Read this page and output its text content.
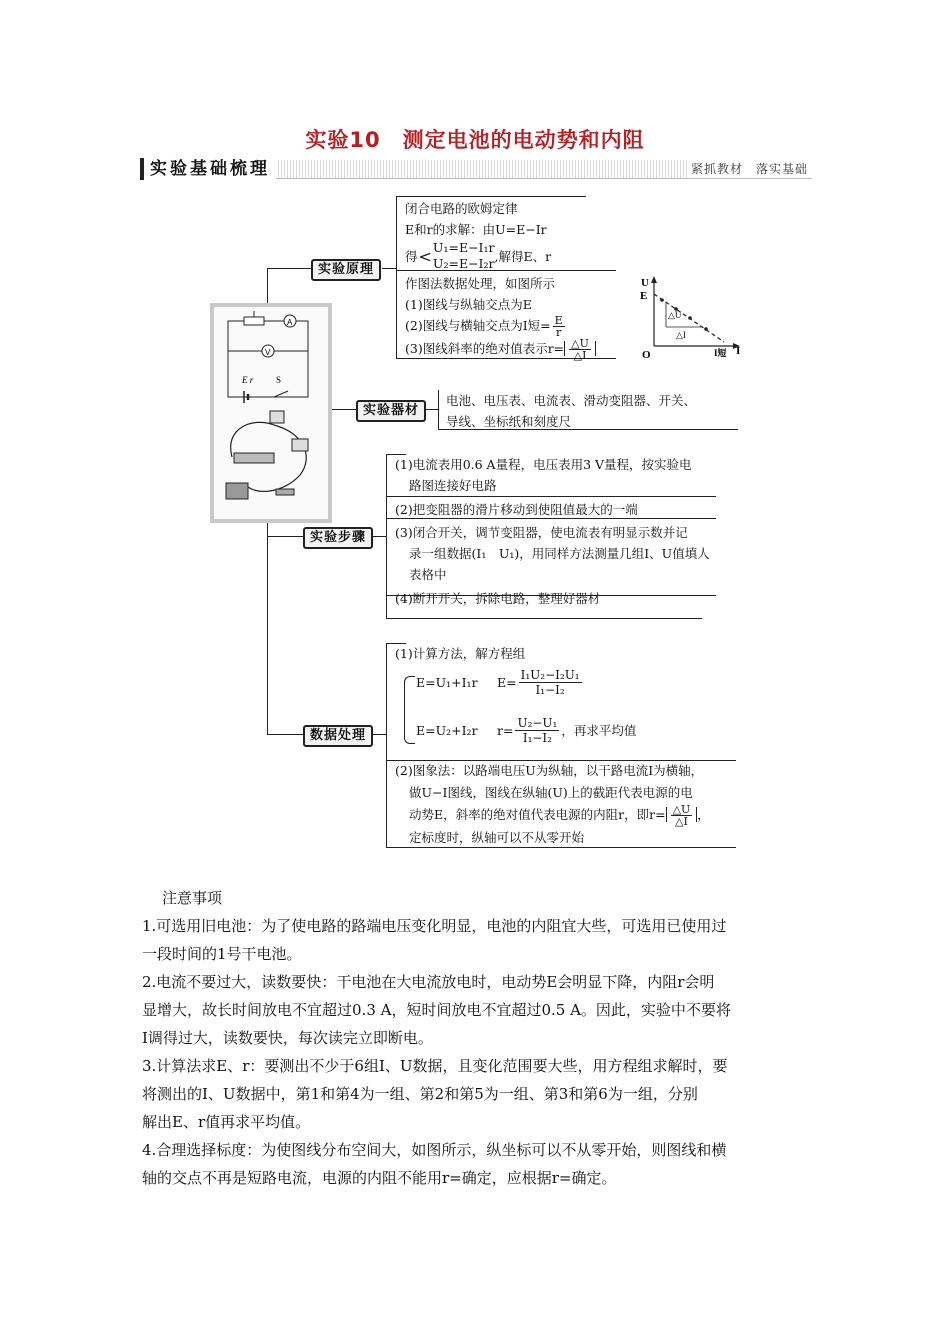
实验10　测定电池的电动势和内阻
实验基础梳理	紧抓教材　落实基础
实验原理
实验器材
实验步骤
数据处理
闭合电路的欧姆定律
E和r的求解：由U=E−Ir
得 < U₁=E−I₁r
U₂=E−I₂r ,解得E、r
作图法数据处理，如图所示
(1)图线与纵轴交点为E
(2)图线与横轴交点为I短= $\frac{E}{r}$
(3)图线斜率的绝对值表示$r= \frac{\triangle U}{\triangle I}$
U
E
O	I
△U
△I
I短
A
V
E r	S
电池、电压表、电流表、滑动变阻器、开关、
导线、坐标纸和刻度尺
(1)电流表用0.6 A量程，电压表用3 V量程，按实验电
路图连接好电路
(2)把变阻器的滑片移动到使阻值最大的一端
(3)闭合开关，调节变阻器，使电流表有明显示数并记
录一组数据(I₁　U₁)，用同样方法测量几组I、U值填人
表格中
(4)断开开关，拆除电路，整理好器材
(1)计算方法，解方程组
E=U₁+I₁r
E=U₂+I₂r
$E= \frac{\text{I₁U₂−I₂U₁}}{\text{I₁−I₂}}$
$r= \frac{\text{U₂−U₁}}{\text{I₁−I₂}}$ ，再求平均值
(2)图象法：以路端电压U为纵轴，以干路电流I为横轴，
做U−I图线，图线在纵轴(U)上的截距代表电源的电
动势E，斜率的绝对值代表电源的内阻r，即$r= \frac{\triangle U}{\triangle I}$ ，
定标度时，纵轴可以不从零开始
注意事项
1.可选用旧电池：为了使电路的路端电压变化明显，电池的内阻宜大些，可选用已使用过
一段时间的1号干电池。
2.电流不要过大，读数要快：干电池在大电流放电时，电动势E会明显下降，内阻r会明
显增大，故长时间放电不宜超过0.3 A，短时间放电不宜超过0.5 A。因此，实验中不要将
I调得过大，读数要快，每次读完立即断电。
3.计算法求E、r：要测出不少于6组I、U数据，且变化范围要大些，用方程组求解时，要
将测出的I、U数据中，第1和第4为一组、第2和第5为一组、第3和第6为一组，分别
解出E、r值再求平均值。
4.合理选择标度：为使图线分布空间大，如图所示，纵坐标可以不从零开始，则图线和横
轴的交点不再是短路电流，电源的内阻不能用r=确定，应根据r=确定。
